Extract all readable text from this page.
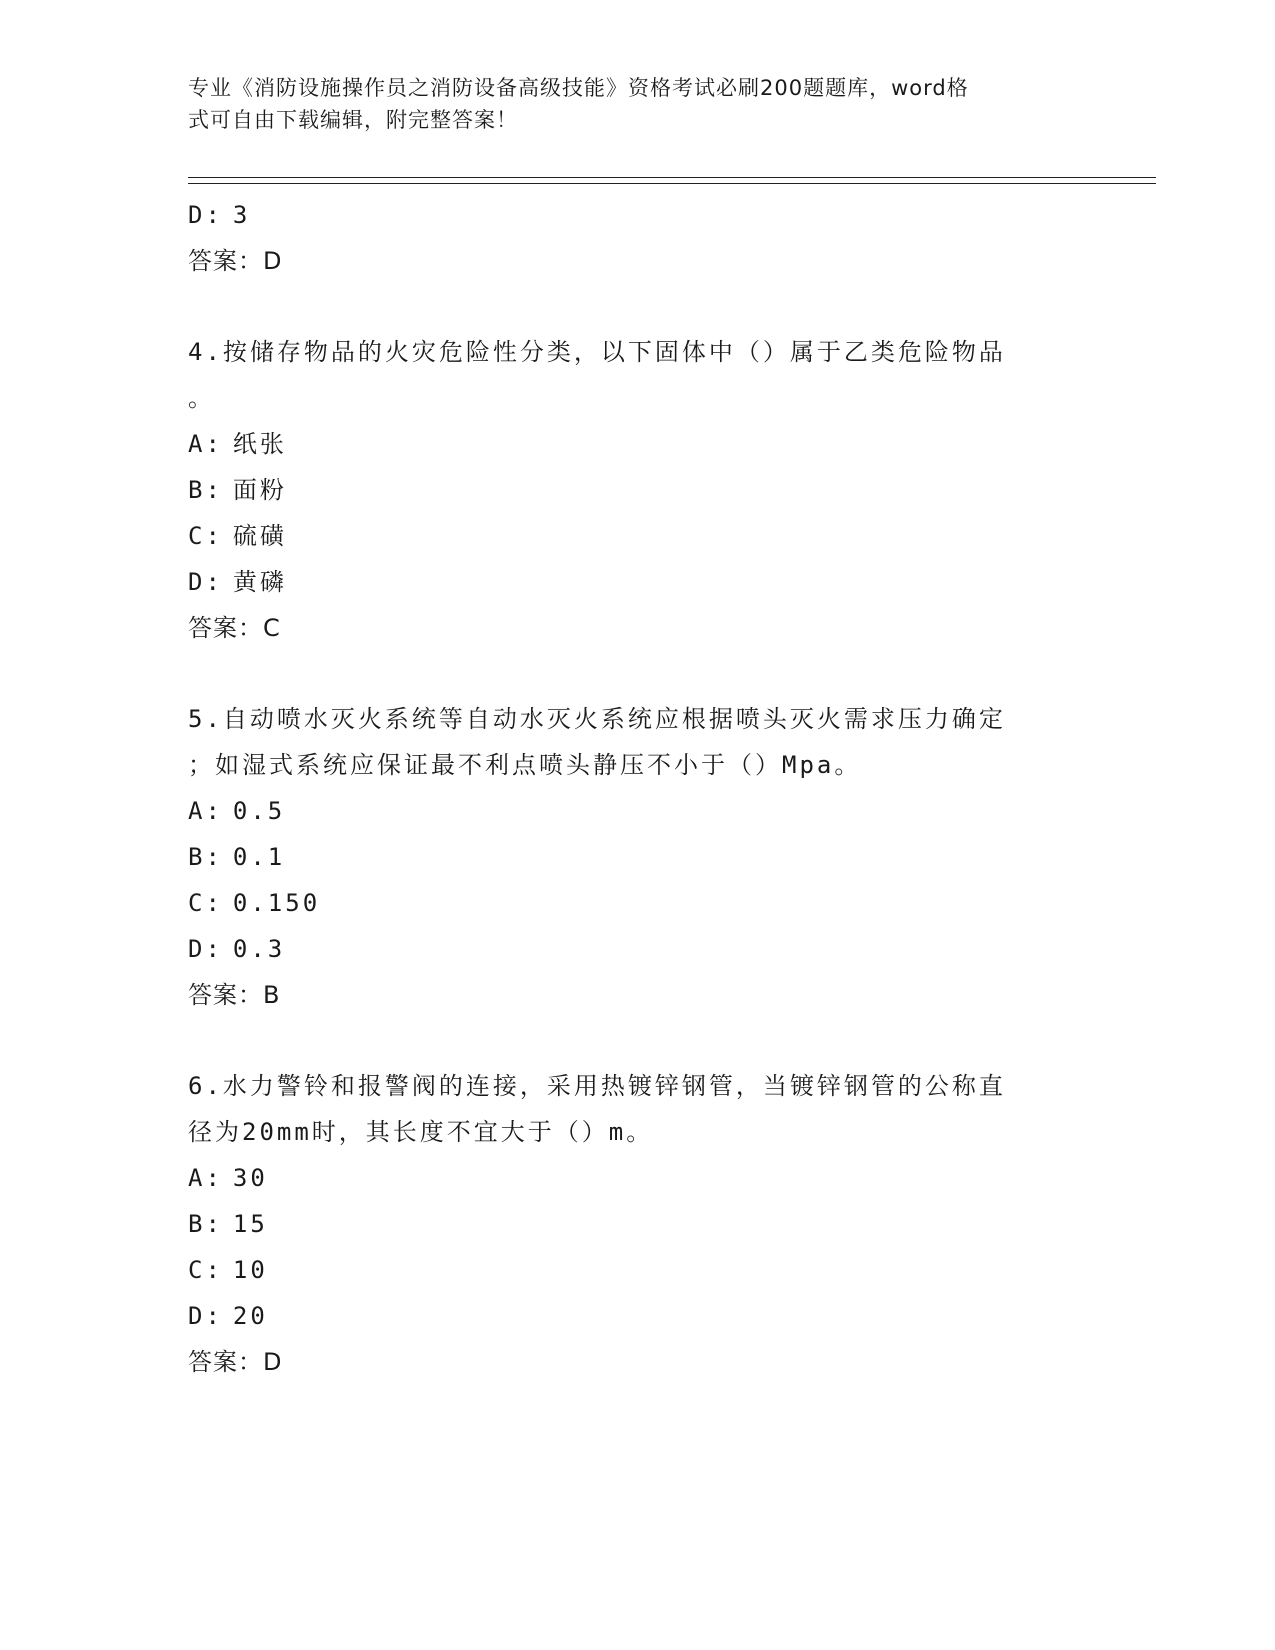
专业《消防设施操作员之消防设备高级技能》资格考试必刷200题题库，word格
式可自由下载编辑，附完整答案！
D: 3
答案：D
4.按储存物品的火灾危险性分类，以下固体中（）属于乙类危险物品
。
A: 纸张
B: 面粉
C: 硫磺
D: 黄磷
答案：C
5.自动喷水灭火系统等自动水灭火系统应根据喷头灭火需求压力确定
；如湿式系统应保证最不利点喷头静压不小于（）Mpa。
A: 0.5
B: 0.1
C: 0.150
D: 0.3
答案：B
6.水力警铃和报警阀的连接，采用热镀锌钢管，当镀锌钢管的公称直
径为20mm时，其长度不宜大于（）m。
A: 30
B: 15
C: 10
D: 20
答案：D
